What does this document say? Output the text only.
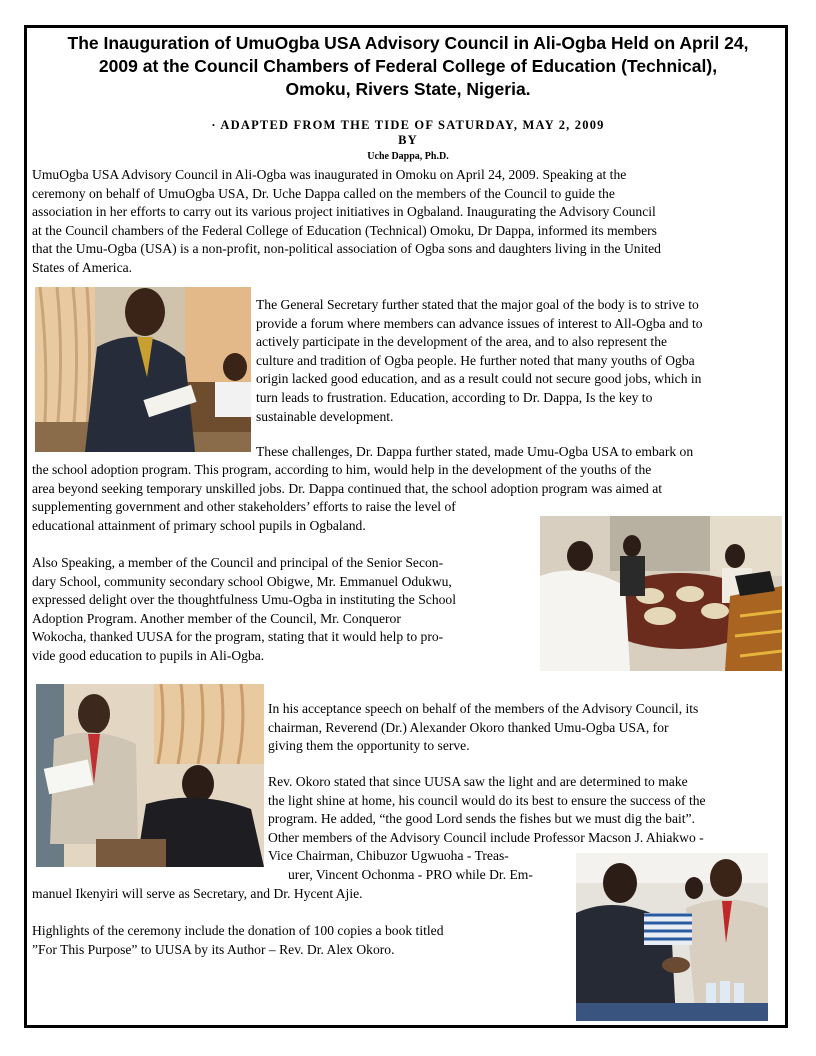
The Inauguration of UmuOgba USA Advisory Council in Ali-Ogba Held on April 24,
2009 at the Council Chambers of Federal College of Education (Technical),
Omoku, Rivers State, Nigeria.
· ADAPTED FROM THE TIDE OF SATURDAY, MAY 2, 2009
BY
Uche Dappa, Ph.D.
UmuOgba USA Advisory Council in Ali-Ogba was inaugurated in Omoku on April 24, 2009. Speaking at the
ceremony on behalf of UmuOgba USA, Dr. Uche Dappa called on the members of the Council to guide the
association in her efforts to carry out its various project initiatives in Ogbaland. Inaugurating the Advisory Council
at the Council chambers of the Federal College of Education (Technical) Omoku, Dr Dappa, informed its members
that the Umu-Ogba (USA) is a non-profit, non-political association of Ogba sons and daughters living in the United
States of America.
The General Secretary further stated that the major goal of the body is to strive to
provide a forum where members can advance issues of interest to All-Ogba and to
actively participate in the development of the area, and to also represent the
culture and tradition of Ogba people. He further noted that many youths of Ogba
origin lacked good education, and as a result could not secure good jobs, which in
turn leads to frustration. Education, according to Dr. Dappa, Is the key to
sustainable development.
These challenges, Dr. Dappa further stated, made Umu-Ogba USA to embark on
the school adoption program. This program, according to him, would help in the development of the youths of the
area beyond seeking temporary unskilled jobs. Dr. Dappa continued that, the school adoption program was aimed at
supplementing government and other stakeholders’ efforts to raise the level of
educational attainment of primary school pupils in Ogbaland.
Also Speaking, a member of the Council and principal of the Senior Secon-
dary School, community secondary school Obigwe, Mr. Emmanuel Odukwu,
expressed delight over the thoughtfulness Umu-Ogba in instituting the School
Adoption Program. Another member of the Council, Mr. Conqueror
Wokocha, thanked UUSA for the program, stating that it would help to pro-
vide good education to pupils in Ali-Ogba.
In his acceptance speech on behalf of the members of the Advisory Council, its
chairman, Reverend (Dr.) Alexander Okoro thanked Umu-Ogba USA, for
giving them the opportunity to serve.
Rev. Okoro stated that since UUSA saw the light and are determined to make
the light shine at home, his council would do its best to ensure the success of the
program. He added, “the good Lord sends the fishes but we must dig the bait”.
Other members of the Advisory Council include Professor Macson J. Ahiakwo -
Vice Chairman, Chibuzor Ugwuoha - Treas-
urer, Vincent Ochonma - PRO while Dr. Em-
manuel Ikenyiri will serve as Secretary, and Dr. Hycent Ajie.
Highlights of the ceremony include the donation of 100 copies a book titled
”For This Purpose” to UUSA by its Author – Rev. Dr. Alex Okoro.
